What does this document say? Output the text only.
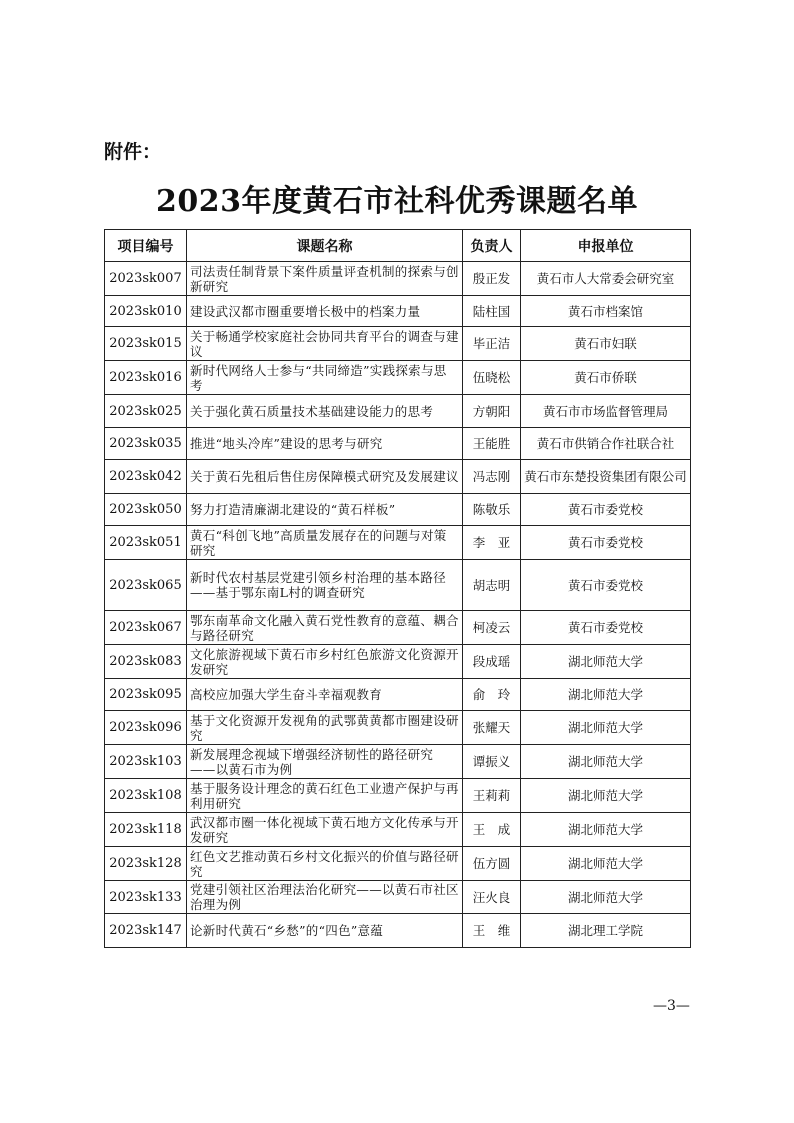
附件：
2023年度黄石市社科优秀课题名单
项目编号	课题名称	负责人	申报单位
2023sk007	司法责任制背景下案件质量评查机制的探索与创新研究	殷正发	黄石市人大常委会研究室
2023sk010	建设武汉都市圈重要增长极中的档案力量	陆柱国	黄石市档案馆
2023sk015	关于畅通学校家庭社会协同共育平台的调查与建议	毕正洁	黄石市妇联
2023sk016	新时代网络人士参与“共同缔造”实践探索与思考	伍晓松	黄石市侨联
2023sk025	关于强化黄石质量技术基础建设能力的思考	方朝阳	黄石市市场监督管理局
2023sk035	推进“地头冷库”建设的思考与研究	王能胜	黄石市供销合作社联合社
2023sk042	关于黄石先租后售住房保障模式研究及发展建议	冯志刚	黄石市东楚投资集团有限公司
2023sk050	努力打造清廉湖北建设的“黄石样板”	陈敬乐	黄石市委党校
2023sk051	黄石“科创飞地”高质量发展存在的问题与对策研究	李　亚	黄石市委党校
2023sk065	新时代农村基层党建引领乡村治理的基本路径
——基于鄂东南L村的调查研究	胡志明	黄石市委党校
2023sk067	鄂东南革命文化融入黄石党性教育的意蕴、耦合与路径研究	柯凌云	黄石市委党校
2023sk083	文化旅游视域下黄石市乡村红色旅游文化资源开发研究	段成瑶	湖北师范大学
2023sk095	高校应加强大学生奋斗幸福观教育	俞　玲	湖北师范大学
2023sk096	基于文化资源开发视角的武鄂黄黄都市圈建设研究	张耀天	湖北师范大学
2023sk103	新发展理念视域下增强经济韧性的路径研究
——以黄石市为例	谭振义	湖北师范大学
2023sk108	基于服务设计理念的黄石红色工业遗产保护与再利用研究	王莉莉	湖北师范大学
2023sk118	武汉都市圈一体化视域下黄石地方文化传承与开发研究	王　成	湖北师范大学
2023sk128	红色文艺推动黄石乡村文化振兴的价值与路径研究	伍方圆	湖北师范大学
2023sk133	党建引领社区治理法治化研究——以黄石市社区治理为例	汪火良	湖北师范大学
2023sk147	论新时代黄石“乡愁”的“四色”意蕴	王　维	湖北理工学院
—3—
